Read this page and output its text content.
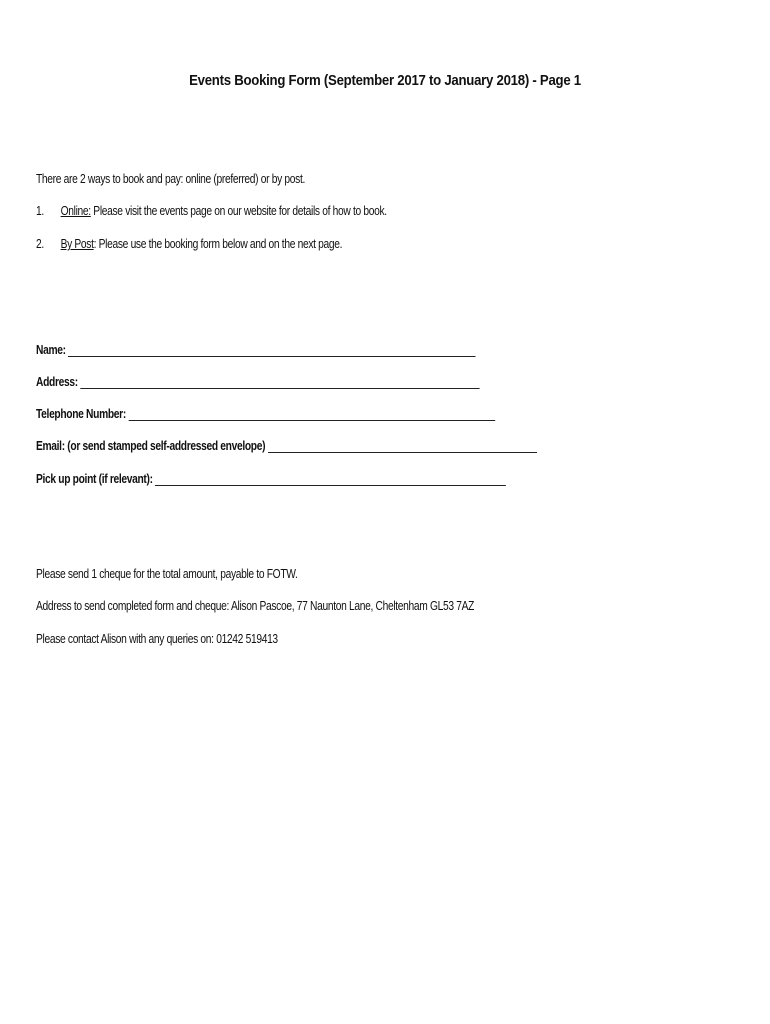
Events Booking Form (September 2017 to January 2018) - Page 1
There are 2 ways to book and pay: online (preferred) or by post.
1. Online: Please visit the events page on our website for details of how to book.
2. By Post: Please use the booking form below and on the next page.
Name:
Address:
Telephone Number:
Email: (or send stamped self-addressed envelope)
Pick up point (if relevant):
Please send 1 cheque for the total amount, payable to FOTW.
Address to send completed form and cheque: Alison Pascoe, 77 Naunton Lane, Cheltenham GL53 7AZ
Please contact Alison with any queries on: 01242 519413
